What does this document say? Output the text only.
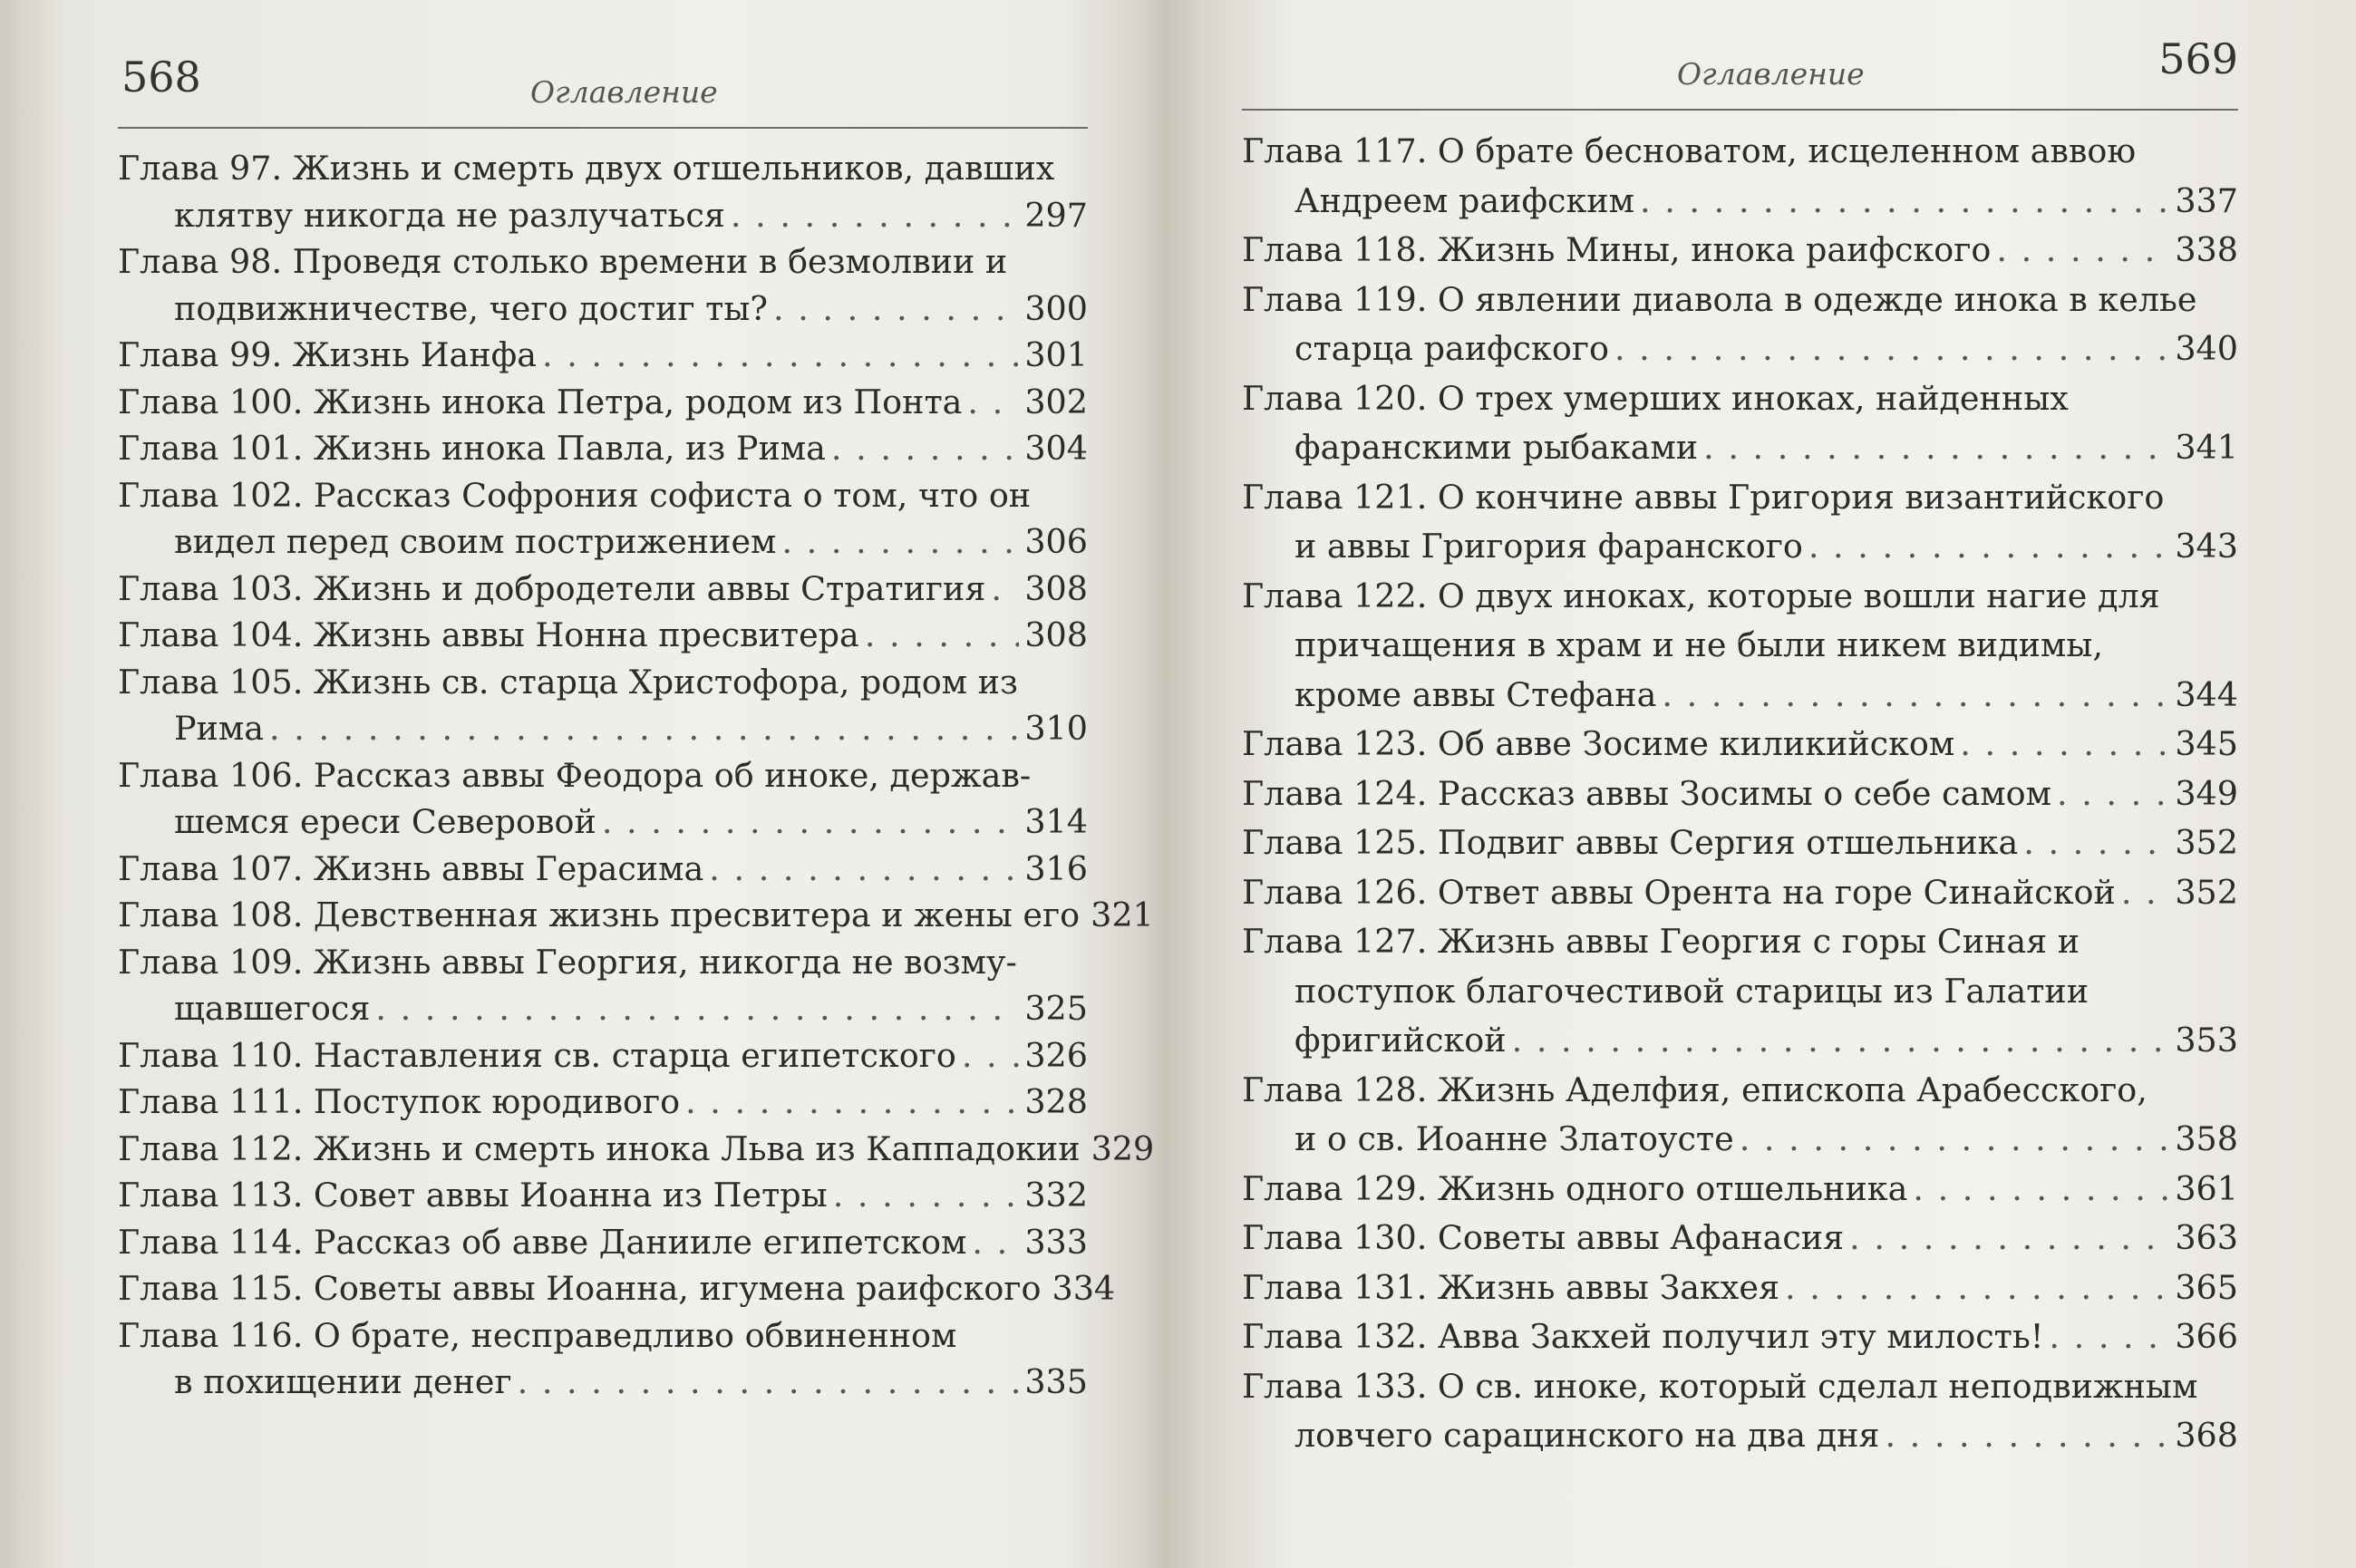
568	Оглавление
Глава 97. Жизнь и смерть двух отшельников, давших
клятву никогда не разлучаться . . .	297
Глава 98. Проведя столько времени в безмолвии и
подвижничестве, чего достиг ты? . . .	300
Глава 99. Жизнь Ианфа . . .	301
Глава 100. Жизнь инока Петра, родом из Понта . . . 302
Глава 101. Жизнь инока Павла, из Рима . . .	304
Глава 102. Рассказ Софрония софиста о том, что он
видел перед своим пострижением . . .	306
Глава 103. Жизнь и добродетели аввы Стратигия . . . 308
Глава 104. Жизнь аввы Нонна пресвитера . . .	308
Глава 105. Жизнь св. старца Христофора, родом из
Рима . . .	310
Глава 106. Рассказ аввы Феодора об иноке, держав-
шемся ереси Северовой . . .	314
Глава 107. Жизнь аввы Герасима . . .	316
Глава 108. Девственная жизнь пресвитера и жены его 321
Глава 109. Жизнь аввы Георгия, никогда не возму-
щавшегося . . .	325
Глава 110. Наставления св. старца египетского . . . 326
Глава 111. Поступок юродивого . . .	328
Глава 112. Жизнь и смерть инока Льва из Каппадокии 329
Глава 113. Совет аввы Иоанна из Петры . . .	332
Глава 114. Рассказ об авве Данииле египетском . . . 333
Глава 115. Советы аввы Иоанна, игумена раифского 334
Глава 116. О брате, несправедливо обвиненном
в похищении денег . . .	335
Оглавление	569
Глава 117. О брате бесноватом, исцеленном аввою
Андреем раифским . . .	337
Глава 118. Жизнь Мины, инока раифского . . .	338
Глава 119. О явлении диавола в одежде инока в келье
старца раифского . . .	340
Глава 120. О трех умерших иноках, найденных
фаранскими рыбаками . . .	341
Глава 121. О кончине аввы Григория византийского
и аввы Григория фаранского . . .	343
Глава 122. О двух иноках, которые вошли нагие для
причащения в храм и не были никем видимы,
кроме аввы Стефана . . .	344
Глава 123. Об авве Зосиме киликийском . . .	345
Глава 124. Рассказ аввы Зосимы о себе самом . . .	349
Глава 125. Подвиг аввы Сергия отшельника . . .	352
Глава 126. Ответ аввы Орента на горе Синайской . . . 352
Глава 127. Жизнь аввы Георгия с горы Синая и
поступок благочестивой старицы из Галатии
фригийской . . .	353
Глава 128. Жизнь Аделфия, епископа Арабесского,
и о св. Иоанне Златоусте . . .	358
Глава 129. Жизнь одного отшельника . . .	361
Глава 130. Советы аввы Афанасия . . .	363
Глава 131. Жизнь аввы Закхея . . .	365
Глава 132. Авва Закхей получил эту милость! . . .	366
Глава 133. О св. иноке, который сделал неподвижным
ловчего сарацинского на два дня . . .	368
